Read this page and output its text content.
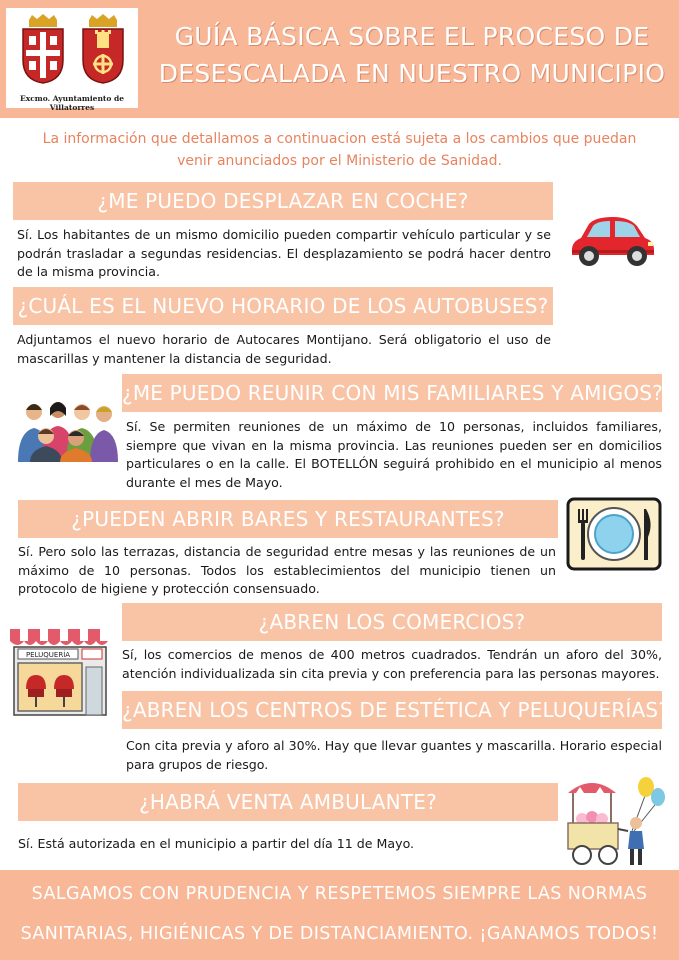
Excmo. Ayuntamiento de Villatorres
GUÍA BÁSICA SOBRE EL PROCESO DE
DESESCALADA EN NUESTRO MUNICIPIO
La información que detallamos a continuacion está sujeta a los cambios que puedan
venir anunciados por el Ministerio de Sanidad.
¿ME PUEDO DESPLAZAR EN COCHE?
Sí. Los habitantes de un mismo domicilio pueden compartir vehículo particular y se podrán trasladar a segundas residencias. El desplazamiento se podrá hacer dentro de la misma provincia.
¿CUÁL ES EL NUEVO HORARIO DE LOS AUTOBUSES?
Adjuntamos el nuevo horario de Autocares Montijano. Será obligatorio el uso de mascarillas y mantener la distancia de seguridad.
¿ME PUEDO REUNIR CON MIS FAMILIARES Y AMIGOS?
Sí. Se permiten reuniones de un máximo de 10 personas, incluidos familiares, siempre que vivan en la misma provincia. Las reuniones pueden ser en domicilios particulares o en la calle. El BOTELLÓN seguirá prohibido en el municipio al menos durante el mes de Mayo.
¿PUEDEN ABRIR BARES Y RESTAURANTES?
Sí. Pero solo las terrazas, distancia de seguridad entre mesas y las reuniones de un máximo de 10 personas. Todos los establecimientos del municipio tienen un protocolo de higiene y protección consensuado.
¿ABREN LOS COMERCIOS?
PELUQUERÍA	Sí, los comercios de menos de 400 metros cuadrados. Tendrán un aforo del 30%, atención individualizada sin cita previa y con preferencia para las personas mayores.
¿ABREN LOS CENTROS DE ESTÉTICA Y PELUQUERÍAS?
Con cita previa y aforo al 30%. Hay que llevar guantes y mascarilla. Horario especial para grupos de riesgo.
¿HABRÁ VENTA AMBULANTE?
Sí. Está autorizada en el municipio a partir del día 11 de Mayo.
SALGAMOS CON PRUDENCIA Y RESPETEMOS SIEMPRE LAS NORMAS
SANITARIAS, HIGIÉNICAS Y DE DISTANCIAMIENTO. ¡GANAMOS TODOS!
